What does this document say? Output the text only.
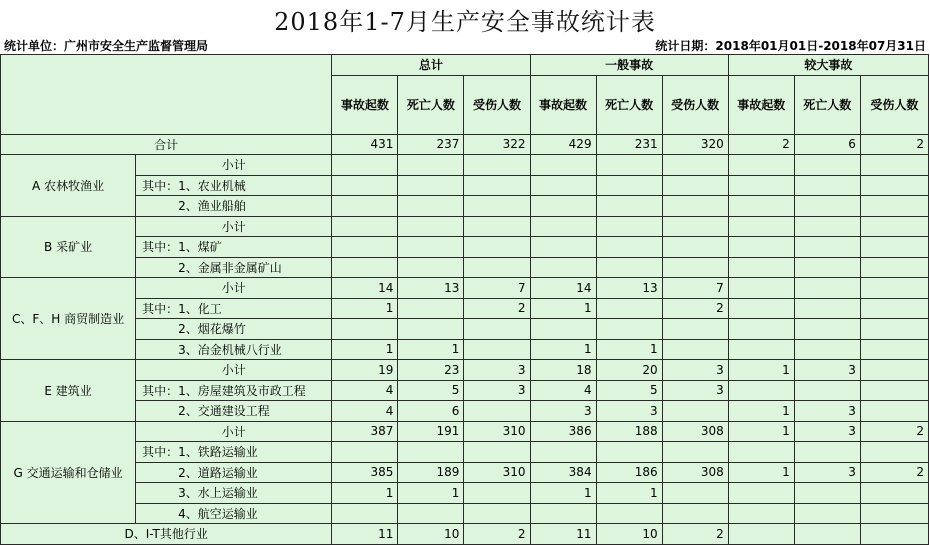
2018年1-7月生产安全事故统计表
统计单位：广州市安全生产监督管理局	统计日期：2018年01月01日-2018年07月31日
		总计			一般事故			较大事故		
		事故起数	死亡人数	受伤人数	事故起数	死亡人数	受伤人数	事故起数	死亡人数	受伤人数
合计		431	237	322	429	231	320	2	6	2
A 农林牧渔业	小计									
	其中：1、农业机械									
	2、渔业船舶									
B 采矿业	小计									
	其中：1、煤矿									
	2、金属非金属矿山									
C、F、H 商贸制造业	小计	14	13	7	14	13	7			
	其中：1、化工	1		2	1		2			
	2、烟花爆竹									
	3、冶金机械八行业	1	1		1	1				
E 建筑业	小计	19	23	3	18	20	3	1	3	
	其中：1、房屋建筑及市政工程	4	5	3	4	5	3			
	2、交通建设工程	4	6		3	3		1	3	
G 交通运输和仓储业	小计	387	191	310	386	188	308	1	3	2
	其中：1、铁路运输业									
	2、道路运输业	385	189	310	384	186	308	1	3	2
	3、水上运输业	1	1		1	1				
	4、航空运输业									
D、I-T其他行业		11	10	2	11	10	2			
